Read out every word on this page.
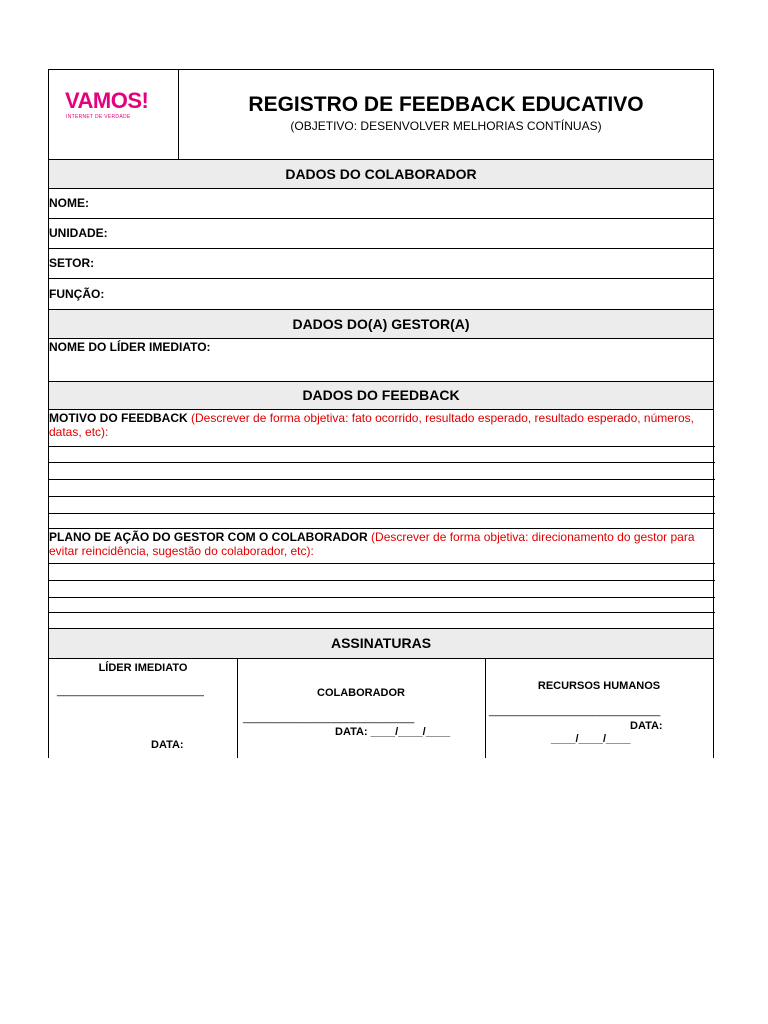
VAMOS!
INTERNET DE VERDADE
REGISTRO DE FEEDBACK EDUCATIVO
(OBJETIVO: DESENVOLVER MELHORIAS CONTÍNUAS)
DADOS DO COLABORADOR
NOME:
UNIDADE:
SETOR:
FUNÇÃO:
DADOS DO(A) GESTOR(A)
NOME DO LÍDER IMEDIATO:
DADOS DO FEEDBACK
MOTIVO DO FEEDBACK (Descrever de forma objetiva: fato ocorrido, resultado esperado, resultado esperado, números, datas, etc):
PLANO DE AÇÃO DO GESTOR COM O COLABORADOR (Descrever de forma objetiva: direcionamento do gestor para evitar reincidência, sugestão do colaborador, etc):
ASSINATURAS
LÍDER IMEDIATO
________________________
DATA:
COLABORADOR
____________________________
DATA: ____/____/____
RECURSOS HUMANOS
____________________________
DATA:
____/____/____
